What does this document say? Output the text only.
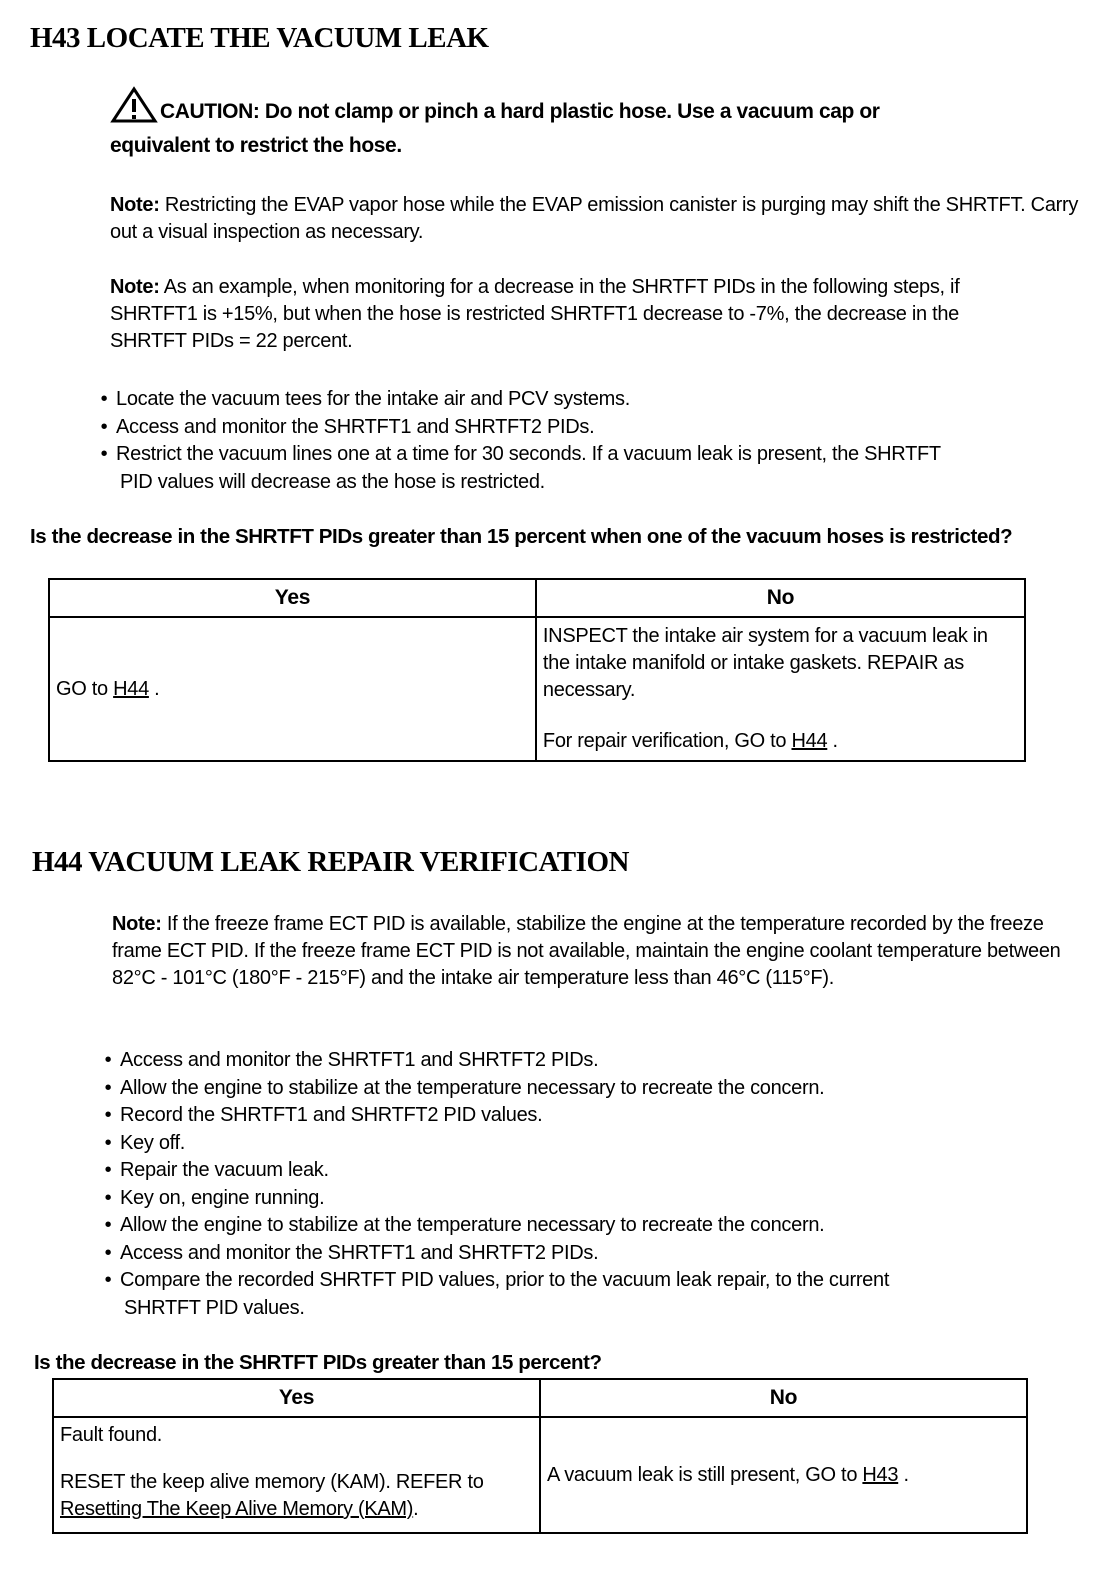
H43 LOCATE THE VACUUM LEAK
CAUTION: Do not clamp or pinch a hard plastic hose. Use a vacuum cap or equivalent to restrict the hose.
Note: Restricting the EVAP vapor hose while the EVAP emission canister is purging may shift the SHRTFT. Carry out a visual inspection as necessary.
Note: As an example, when monitoring for a decrease in the SHRTFT PIDs in the following steps, if SHRTFT1 is +15%, but when the hose is restricted SHRTFT1 decrease to -7%, the decrease in the SHRTFT PIDs = 22 percent.
• Locate the vacuum tees for the intake air and PCV systems.
• Access and monitor the SHRTFT1 and SHRTFT2 PIDs.
• Restrict the vacuum lines one at a time for 30 seconds. If a vacuum leak is present, the SHRTFT
PID values will decrease as the hose is restricted.
Is the decrease in the SHRTFT PIDs greater than 15 percent when one of the vacuum hoses is restricted?
Yes	No
GO to H44 .	INSPECT the intake air system for a vacuum leak in the intake manifold or intake gaskets. REPAIR as necessary.
For repair verification, GO to H44 .
H44 VACUUM LEAK REPAIR VERIFICATION
Note: If the freeze frame ECT PID is available, stabilize the engine at the temperature recorded by the freeze frame ECT PID. If the freeze frame ECT PID is not available, maintain the engine coolant temperature between 82°C - 101°C (180°F - 215°F) and the intake air temperature less than 46°C (115°F).
• Access and monitor the SHRTFT1 and SHRTFT2 PIDs.
• Allow the engine to stabilize at the temperature necessary to recreate the concern.
• Record the SHRTFT1 and SHRTFT2 PID values.
• Key off.
• Repair the vacuum leak.
• Key on, engine running.
• Allow the engine to stabilize at the temperature necessary to recreate the concern.
• Access and monitor the SHRTFT1 and SHRTFT2 PIDs.
• Compare the recorded SHRTFT PID values, prior to the vacuum leak repair, to the current
SHRTFT PID values.
Is the decrease in the SHRTFT PIDs greater than 15 percent?
Yes	No

Fault found.
RESET the keep alive memory (KAM). REFER to Resetting The Keep Alive Memory (KAM).	A vacuum leak is still present, GO to H43 .
